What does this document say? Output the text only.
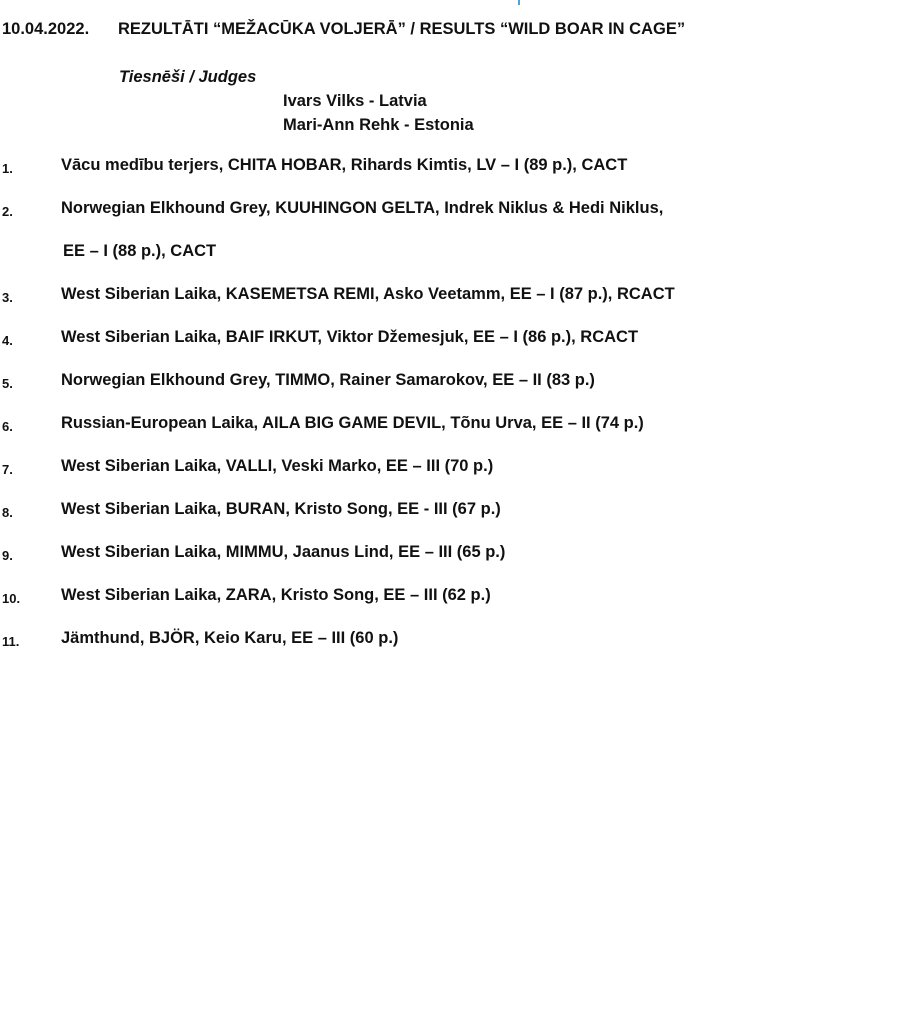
10.04.2022. REZULTĀTI “MEŽACŪKA VOLJERĀ” / RESULTS “WILD BOAR IN CAGE”
Tiesnēši / Judges
Ivars Vilks - Latvia
Mari-Ann Rehk - Estonia
1.	Vācu medību terjers, CHITA HOBAR, Rihards Kimtis, LV – I (89 p.), CACT
2.	Norwegian Elkhound Grey, KUUHINGON GELTA, Indrek Niklus & Hedi Niklus,
EE – I (88 p.), CACT
3.	West Siberian Laika, KASEMETSA REMI, Asko Veetamm, EE – I (87 p.), RCACT
4.	West Siberian Laika, BAIF IRKUT, Viktor Džemesjuk, EE – I (86 p.), RCACT
5.	Norwegian Elkhound Grey, TIMMO, Rainer Samarokov, EE – II (83 p.)
6.	Russian-European Laika, AILA BIG GAME DEVIL, Tõnu Urva, EE – II (74 p.)
7.	West Siberian Laika, VALLI, Veski Marko, EE – III (70 p.)
8.	West Siberian Laika, BURAN, Kristo Song, EE - III (67 p.)
9.	West Siberian Laika, MIMMU, Jaanus Lind, EE – III (65 p.)
10. West Siberian Laika, ZARA, Kristo Song, EE – III (62 p.)
11.	Jämthund, BJÖR, Keio Karu, EE – III (60 p.)
